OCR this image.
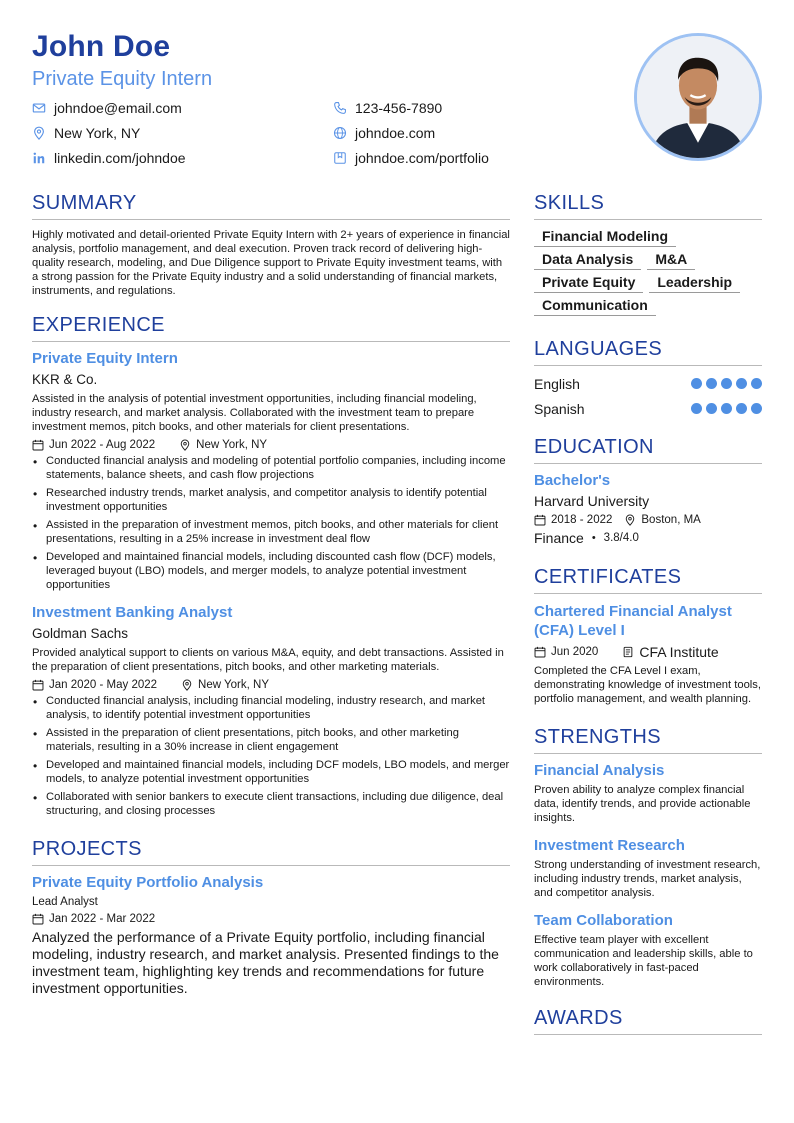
John Doe
Private Equity Intern
johndoe@email.com
New York, NY
linkedin.com/johndoe
123-456-7890
johndoe.com
johndoe.com/portfolio
SUMMARY
Highly motivated and detail-oriented Private Equity Intern with 2+ years of experience in financial analysis, portfolio management, and deal execution. Proven track record of delivering high-quality research, modeling, and Due Diligence support to Private Equity investment teams, with a strong passion for the Private Equity industry and a solid understanding of financial markets, instruments, and regulations.
EXPERIENCE
Private Equity Intern
KKR & Co.
Assisted in the analysis of potential investment opportunities, including financial modeling, industry research, and market analysis. Collaborated with the investment team to prepare investment memos, pitch books, and other materials for client presentations.
Jun 2022 - Aug 2022	New York, NY
• Conducted financial analysis and modeling of potential portfolio companies, including income statements, balance sheets, and cash flow projections
• Researched industry trends, market analysis, and competitor analysis to identify potential investment opportunities
• Assisted in the preparation of investment memos, pitch books, and other materials for client presentations, resulting in a 25% increase in investment deal flow
• Developed and maintained financial models, including discounted cash flow (DCF) models, leveraged buyout (LBO) models, and merger models, to analyze potential investment opportunities
Investment Banking Analyst
Goldman Sachs
Provided analytical support to clients on various M&A, equity, and debt transactions. Assisted in the preparation of client presentations, pitch books, and other marketing materials.
Jan 2020 - May 2022	New York, NY
• Conducted financial analysis, including financial modeling, industry research, and market analysis, to identify potential investment opportunities
• Assisted in the preparation of client presentations, pitch books, and other marketing materials, resulting in a 30% increase in client engagement
• Developed and maintained financial models, including DCF models, LBO models, and merger models, to analyze potential investment opportunities
• Collaborated with senior bankers to execute client transactions, including due diligence, deal structuring, and closing processes
PROJECTS
Private Equity Portfolio Analysis
Lead Analyst
Jan 2022 - Mar 2022
Analyzed the performance of a Private Equity portfolio, including financial modeling, industry research, and market analysis. Presented findings to the investment team, highlighting key trends and recommendations for future investment opportunities.
SKILLS
Financial Modeling
Data Analysis	M&A
Private Equity	Leadership
Communication
LANGUAGES
English
Spanish
EDUCATION
Bachelor's
Harvard University
2018 - 2022	Boston, MA
Finance • 3.8/4.0
CERTIFICATES
Chartered Financial Analyst (CFA) Level I
Jun 2020	CFA Institute
Completed the CFA Level I exam, demonstrating knowledge of investment tools, portfolio management, and wealth planning.
STRENGTHS
Financial Analysis
Proven ability to analyze complex financial data, identify trends, and provide actionable insights.
Investment Research
Strong understanding of investment research, including industry trends, market analysis, and competitor analysis.
Team Collaboration
Effective team player with excellent communication and leadership skills, able to work collaboratively in fast-paced environments.
AWARDS
